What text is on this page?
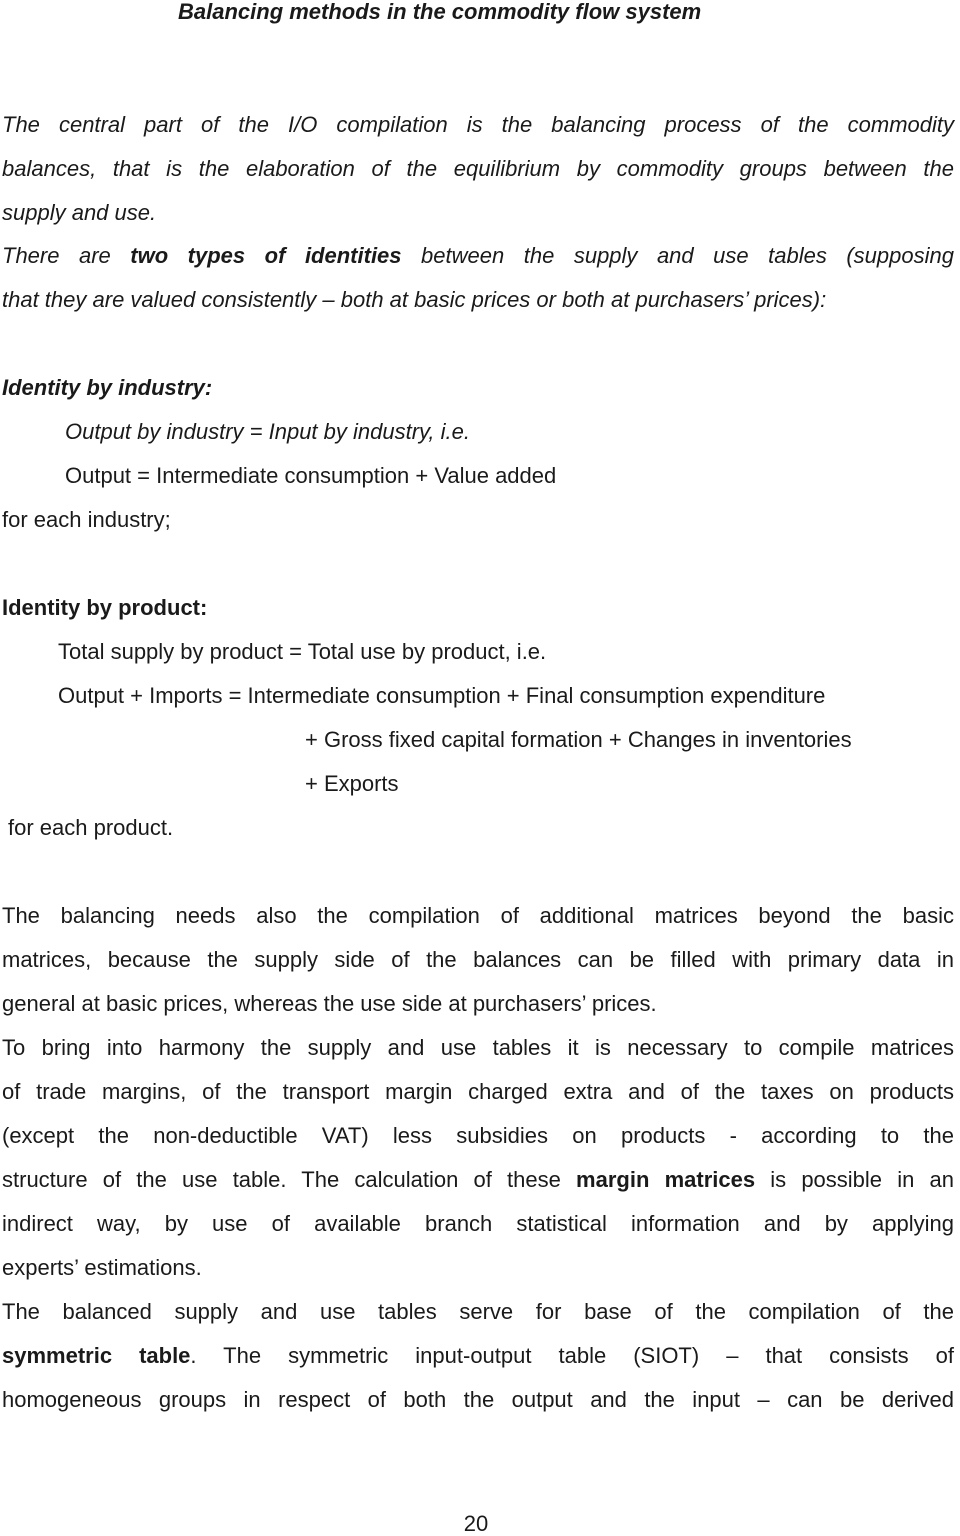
Balancing methods in the commodity flow system
The central part of the I/O compilation is the balancing process of the commodity
balances, that is the elaboration of the equilibrium by commodity groups between the
supply and use.
There are two types of identities between the supply and use tables (supposing
that they are valued consistently – both at basic prices or both at purchasers’ prices):
Identity by industry:
Output by industry = Input by industry, i.e.
Output = Intermediate consumption + Value added
for each industry;
Identity by product:
Total supply by product = Total use by product, i.e.
Output + Imports = Intermediate consumption + Final consumption expenditure
+ Gross fixed capital formation + Changes in inventories
+ Exports
for each product.
The balancing needs also the compilation of additional matrices beyond the basic
matrices, because the supply side of the balances can be filled with primary data in
general at basic prices, whereas the use side at purchasers’ prices.
To bring into harmony the supply and use tables it is necessary to compile matrices
of trade margins, of the transport margin charged extra and of the taxes on products
(except the non-deductible VAT) less subsidies on products - according to the
structure of the use table. The calculation of these margin matrices is possible in an
indirect way, by use of available branch statistical information and by applying
experts’ estimations.
The balanced supply and use tables serve for base of the compilation of the
symmetric table. The symmetric input-output table (SIOT) – that consists of
homogeneous groups in respect of both the output and the input – can be derived
20
